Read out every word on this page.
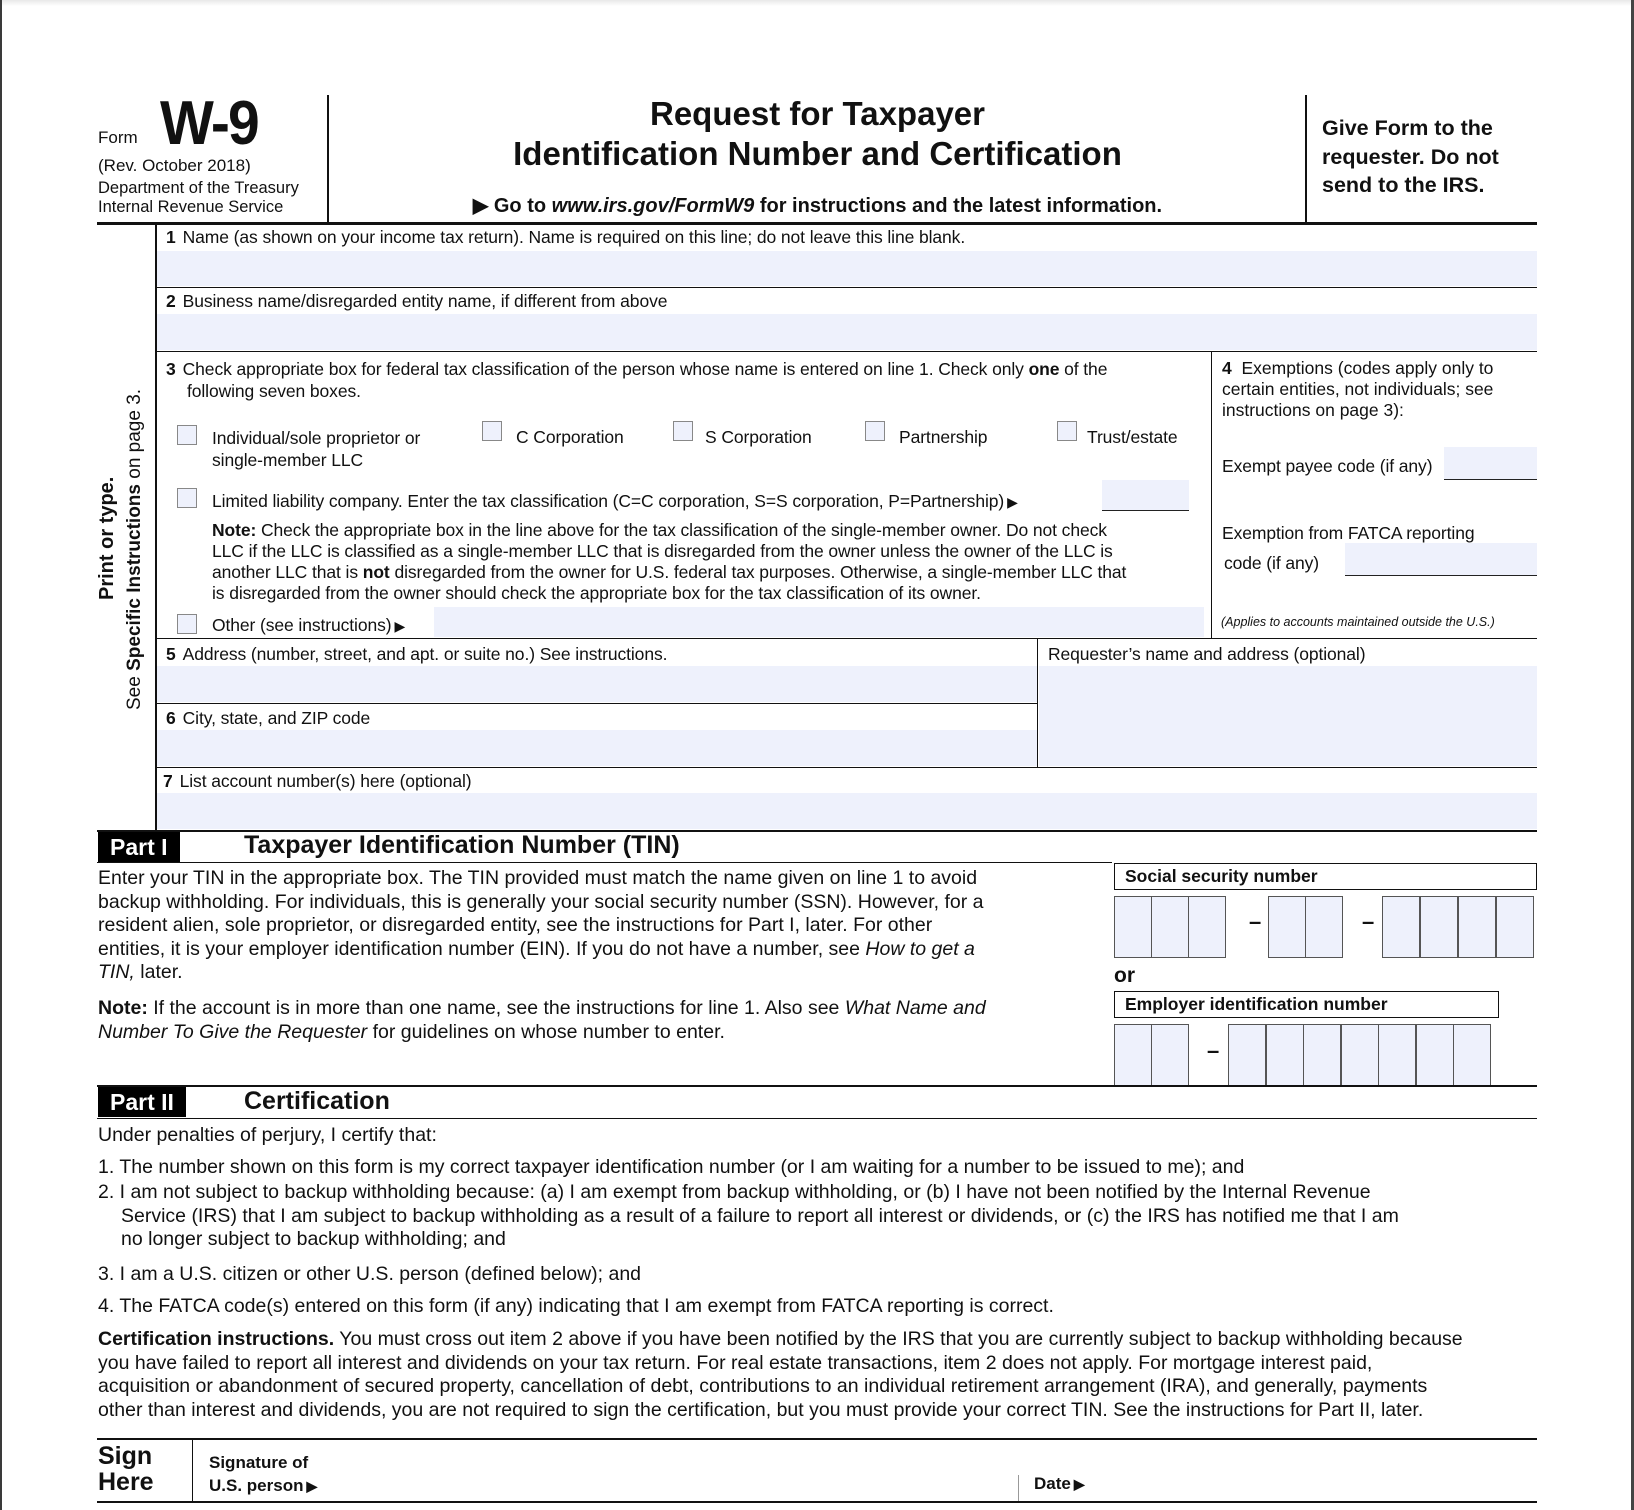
Form W-9
(Rev. October 2018)
Department of the Treasury
Internal Revenue Service
Request for Taxpayer
Identification Number and Certification
▶ Go to www.irs.gov/FormW9 for instructions and the latest information.
Give Form to the
requester. Do not
send to the IRS.
Print or type.
See Specific Instructions on page 3.
1 Name (as shown on your income tax return). Name is required on this line; do not leave this line blank.
2 Business name/disregarded entity name, if different from above
3 Check appropriate box for federal tax classification of the person whose name is entered on line 1. Check only one of the
following seven boxes.
Individual/sole proprietor or
single-member LLC
C Corporation	S Corporation	Partnership	Trust/estate
Limited liability company. Enter the tax classification (C=C corporation, S=S corporation, P=Partnership) ▶
Note: Check the appropriate box in the line above for the tax classification of the single-member owner. Do not check
LLC if the LLC is classified as a single-member LLC that is disregarded from the owner unless the owner of the LLC is
another LLC that is not disregarded from the owner for U.S. federal tax purposes. Otherwise, a single-member LLC that
is disregarded from the owner should check the appropriate box for the tax classification of its owner.
Other (see instructions) ▶
4 Exemptions (codes apply only to
certain entities, not individuals; see
instructions on page 3):
Exempt payee code (if any)
Exemption from FATCA reporting
code (if any)
(Applies to accounts maintained outside the U.S.)
5 Address (number, street, and apt. or suite no.) See instructions.	Requester’s name and address (optional)
6 City, state, and ZIP code
7 List account number(s) here (optional)
Part I	Taxpayer Identification Number (TIN)
Enter your TIN in the appropriate box. The TIN provided must match the name given on line 1 to avoid
backup withholding. For individuals, this is generally your social security number (SSN). However, for a
resident alien, sole proprietor, or disregarded entity, see the instructions for Part I, later. For other
entities, it is your employer identification number (EIN). If you do not have a number, see How to get a
TIN, later.
Note: If the account is in more than one name, see the instructions for line 1. Also see What Name and
Number To Give the Requester for guidelines on whose number to enter.
Social security number
–	–
or
Employer identification number
–
Part II	Certification
Under penalties of perjury, I certify that:
1. The number shown on this form is my correct taxpayer identification number (or I am waiting for a number to be issued to me); and
2. I am not subject to backup withholding because: (a) I am exempt from backup withholding, or (b) I have not been notified by the Internal Revenue
Service (IRS) that I am subject to backup withholding as a result of a failure to report all interest or dividends, or (c) the IRS has notified me that I am
no longer subject to backup withholding; and
3. I am a U.S. citizen or other U.S. person (defined below); and
4. The FATCA code(s) entered on this form (if any) indicating that I am exempt from FATCA reporting is correct.
Certification instructions. You must cross out item 2 above if you have been notified by the IRS that you are currently subject to backup withholding because
you have failed to report all interest and dividends on your tax return. For real estate transactions, item 2 does not apply. For mortgage interest paid,
acquisition or abandonment of secured property, cancellation of debt, contributions to an individual retirement arrangement (IRA), and generally, payments
other than interest and dividends, you are not required to sign the certification, but you must provide your correct TIN. See the instructions for Part II, later.
Sign
Here
Signature of
U.S. person ▶	Date ▶
